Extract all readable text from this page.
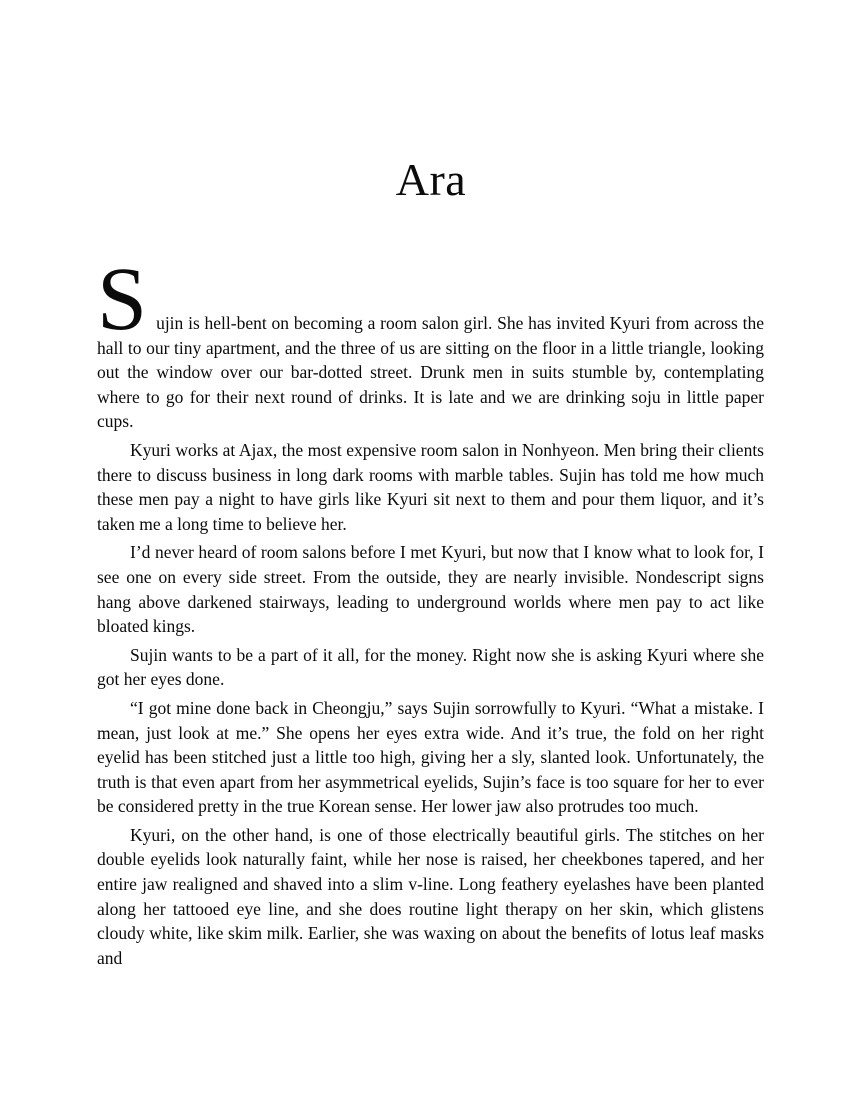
Ara

Sujin is hell-bent on becoming a room salon girl. She has invited Kyuri from across the hall to our tiny apartment, and the three of us are sitting on the floor in a little triangle, looking out the window over our bar-dotted street. Drunk men in suits stumble by, contemplating where to go for their next round of drinks. It is late and we are drinking soju in little paper cups.

Kyuri works at Ajax, the most expensive room salon in Nonhyeon. Men bring their clients there to discuss business in long dark rooms with marble tables. Sujin has told me how much these men pay a night to have girls like Kyuri sit next to them and pour them liquor, and it’s taken me a long time to believe her.

I’d never heard of room salons before I met Kyuri, but now that I know what to look for, I see one on every side street. From the outside, they are nearly invisible. Nondescript signs hang above darkened stairways, leading to underground worlds where men pay to act like bloated kings.

Sujin wants to be a part of it all, for the money. Right now she is asking Kyuri where she got her eyes done.

“I got mine done back in Cheongju,” says Sujin sorrowfully to Kyuri. “What a mistake. I mean, just look at me.” She opens her eyes extra wide. And it’s true, the fold on her right eyelid has been stitched just a little too high, giving her a sly, slanted look. Unfortunately, the truth is that even apart from her asymmetrical eyelids, Sujin’s face is too square for her to ever be considered pretty in the true Korean sense. Her lower jaw also protrudes too much.

Kyuri, on the other hand, is one of those electrically beautiful girls. The stitches on her double eyelids look naturally faint, while her nose is raised, her cheekbones tapered, and her entire jaw realigned and shaved into a slim v-line. Long feathery eyelashes have been planted along her tattooed eye line, and she does routine light therapy on her skin, which glistens cloudy white, like skim milk. Earlier, she was waxing on about the benefits of lotus leaf masks and
